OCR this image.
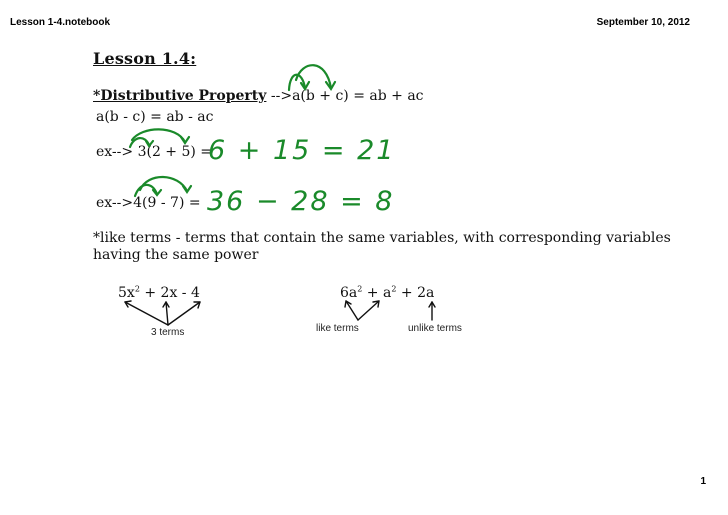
Lesson 1-4.notebook	September 10, 2012
Lesson 1.4:
*Distributive Property -->a(b + c) = ab + ac
a(b - c) = ab - ac
ex--> 3(2 + 5) =
6 + 15 = 21
ex-->4(9 - 7) = 36 − 28 = 8
*like terms - terms that contain the same variables, with corresponding variables
having the same power
$5x^2 + 2x - 4$	$6a^2 + a^2 + 2a$
3 terms	like terms	unlike terms
1
